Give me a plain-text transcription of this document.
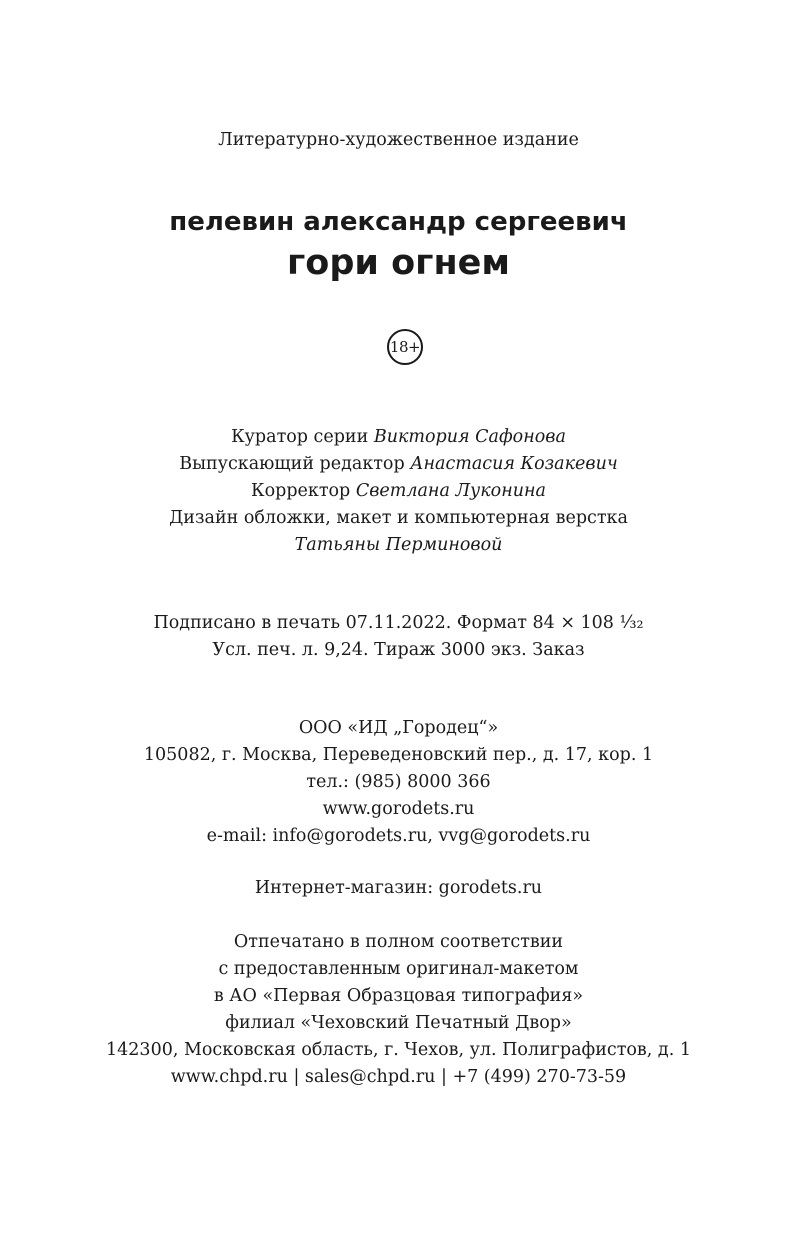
Литературно-художественное издание
пелевин александр сергеевич
гори огнем
18+
Куратор серии Виктория Сафонова
Выпускающий редактор Анастасия Козакевич
Корректор Светлана Луконина
Дизайн обложки, макет и компьютерная верстка
Татьяны Перминовой
Подписано в печать 07.11.2022. Формат 84 × 108 ¹⁄₃₂
Усл. печ. л. 9,24. Тираж 3000 экз. Заказ
ООО «ИД „Городец“»
105082, г. Москва, Переведеновский пер., д. 17, кор. 1
тел.: (985) 8000 366
www.gorodets.ru
e-mail: info@gorodets.ru, vvg@gorodets.ru
Интернет-магазин: gorodets.ru
Отпечатано в полном соответствии
с предоставленным оригинал-макетом
в АО «Первая Образцовая типография»
филиал «Чеховский Печатный Двор»
142300, Московская область, г. Чехов, ул. Полиграфистов, д. 1
www.chpd.ru | sales@chpd.ru | +7 (499) 270-73-59
